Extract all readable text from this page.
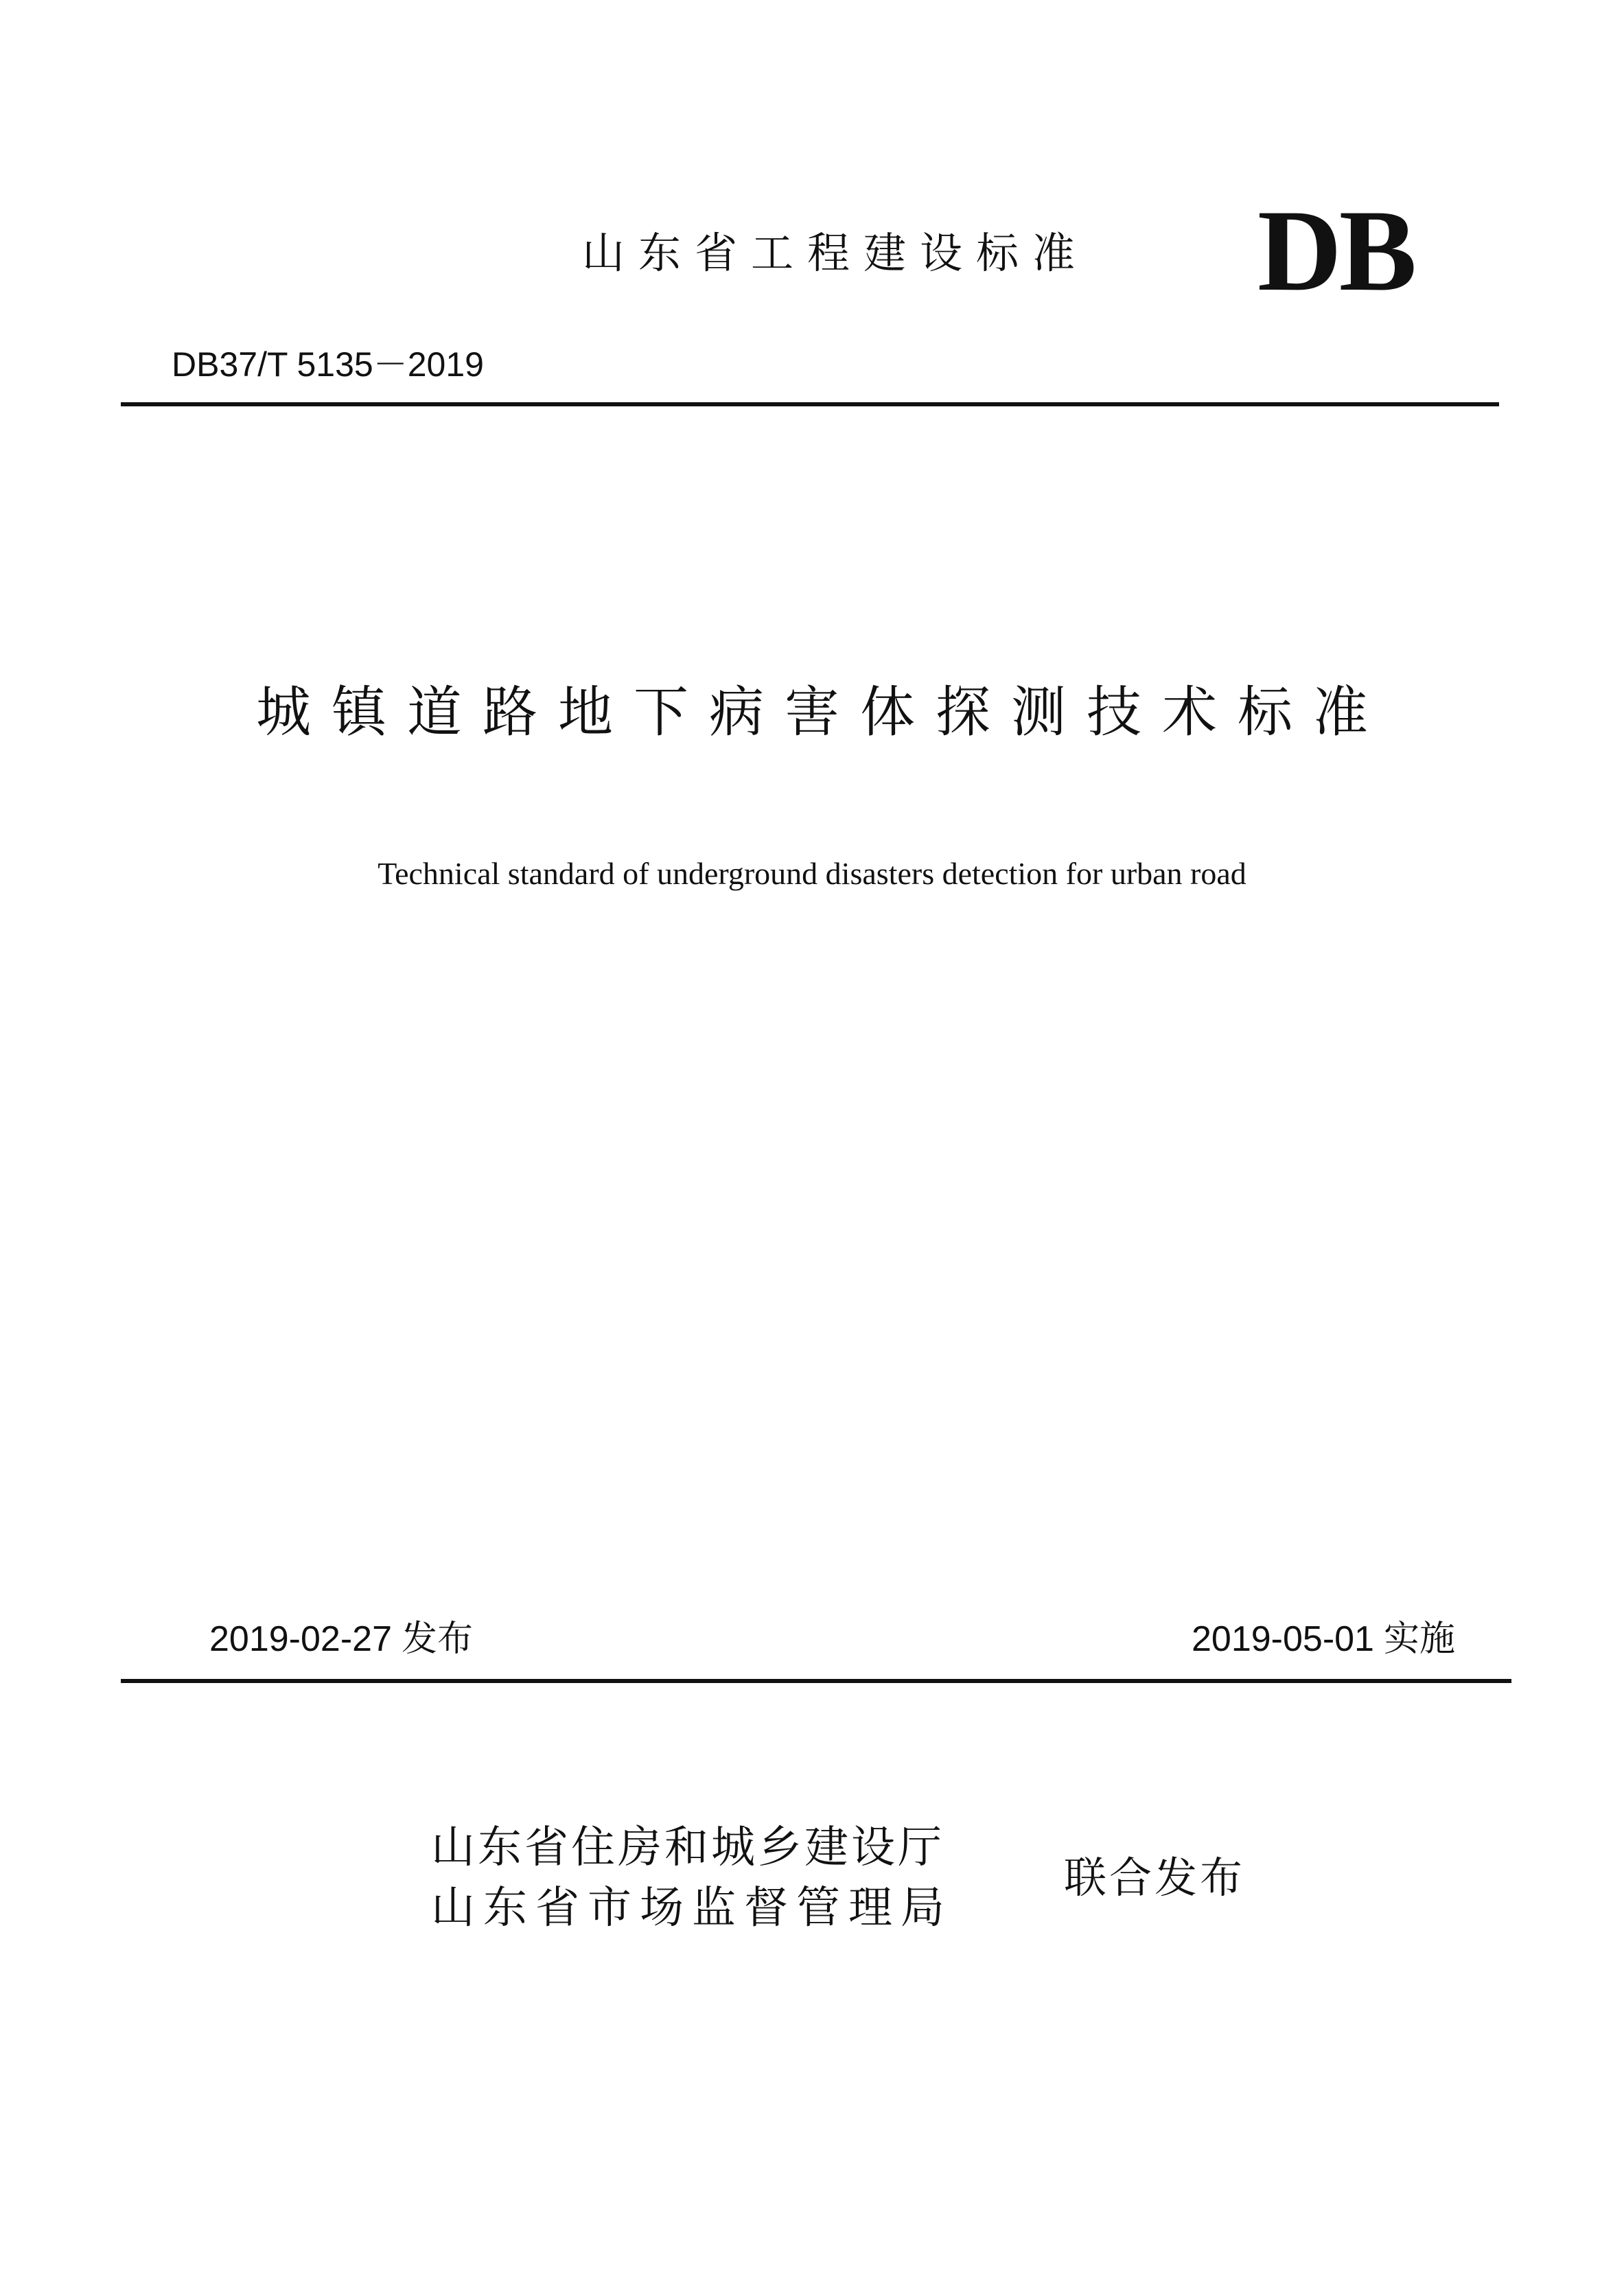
山东省工程建设标准 DB
DB37/T 5135－2019
城镇道路地下病害体探测技术标准
Technical standard of underground disasters detection for urban road
2019-02-27 发布	2019-05-01 实施
山东省住房和城乡建设厅
山东省市场监督管理局
联合发布
